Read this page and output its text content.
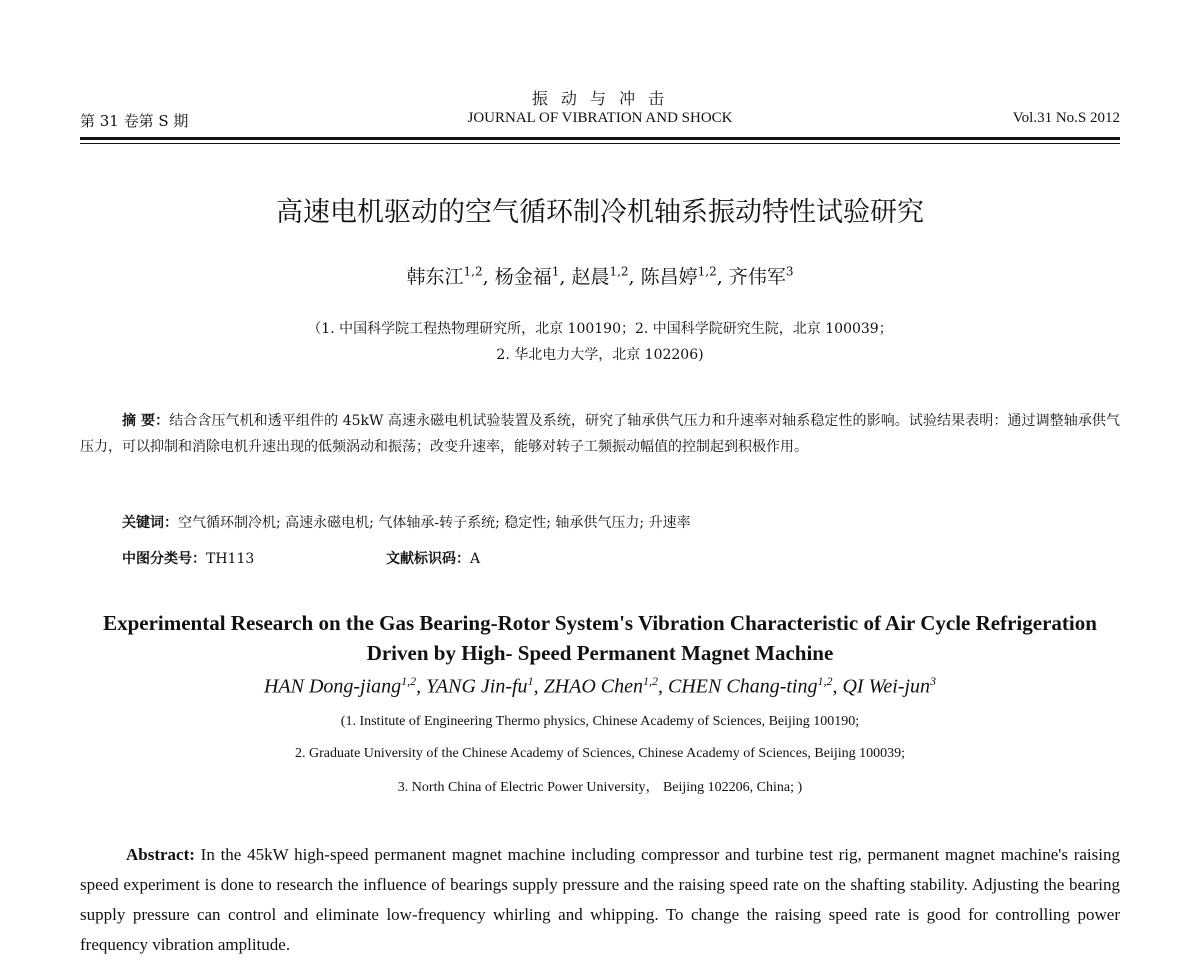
振 动 与 冲 击
JOURNAL OF VIBRATION AND SHOCK
第 31 卷第 S 期	Vol.31 No.S 2012
高速电机驱动的空气循环制冷机轴系振动特性试验研究
韩东江$^{1,2}$, 杨金福$^1$, 赵晨$^{1,2}$, 陈昌婷$^{1,2}$, 齐伟军$^3$
（1. 中国科学院工程热物理研究所，北京 100190；2. 中国科学院研究生院，北京 100039；
2. 华北电力大学，北京 102206)
摘 要：结合含压气机和透平组件的 45kW 高速永磁电机试验装置及系统，研究了轴承供气压力和升速率对轴系稳定性的影响。试验结果表明：通过调整轴承供气压力，可以抑制和消除电机升速出现的低频涡动和振荡；改变升速率，能够对转子工频振动幅值的控制起到积极作用。
关键词：空气循环制冷机; 高速永磁电机; 气体轴承-转子系统; 稳定性; 轴承供气压力; 升速率
中图分类号：TH113	文献标识码：A
Experimental Research on the Gas Bearing-Rotor System's Vibration Characteristic of Air Cycle Refrigeration Driven by High- Speed Permanent Magnet Machine
HAN Dong-jiang$^{1,2}$, YANG Jin-$fu^1$, ZHAO Chen$^{1,2}$, CHEN Chang-ting$^{1,2}$, QI Wei-jun$^3$
(1. Institute of Engineering Thermo physics, Chinese Academy of Sciences, Beijing 100190;
2. Graduate University of the Chinese Academy of Sciences, Chinese Academy of Sciences, Beijing 100039;
3. North China of Electric Power University， Beijing 102206, China; )
Abstract: In the 45kW high-speed permanent magnet machine including compressor and turbine test rig, permanent magnet machine's raising speed experiment is done to research the influence of bearings supply pressure and the raising speed rate on the shafting stability. Adjusting the bearing supply pressure can control and eliminate low-frequency whirling and whipping. To change the raising speed rate is good for controlling power frequency vibration amplitude.
